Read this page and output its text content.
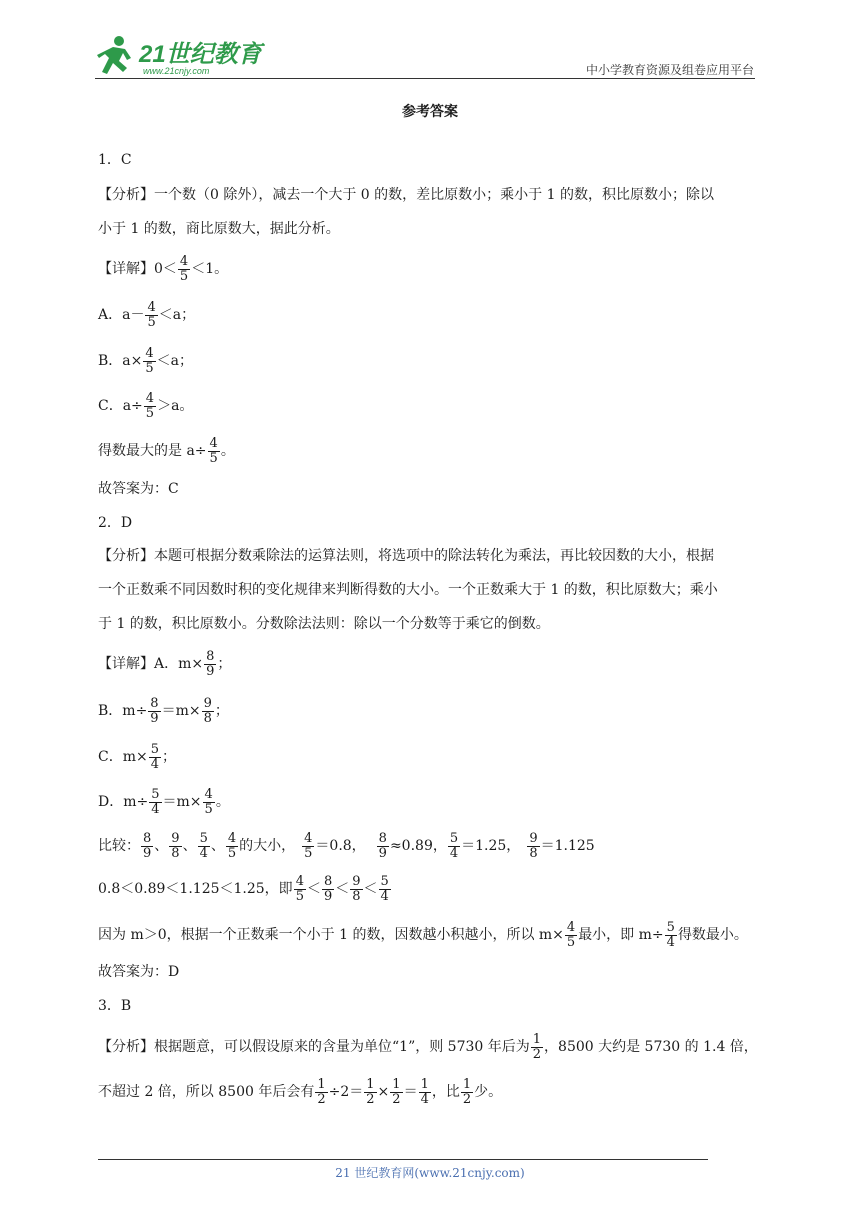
21世纪教育
www.21cnjy.com	中小学教育资源及组卷应用平台
参考答案
1．C
【分析】一个数（0 除外），减去一个大于 0 的数，差比原数小；乘小于 1 的数，积比原数小；除以
小于 1 的数，商比原数大，据此分析。
【详解】$0< \frac{4}{5} <1$。
A．$a- \frac{4}{5} <a$；
B．$a\times \frac{4}{5} <a$；
C．$a\div \frac{4}{5} >a$。
得数最大的是 $a\div \frac{4}{5}$ 。
故答案为：C
2．D
【分析】本题可根据分数乘除法的运算法则，将选项中的除法转化为乘法，再比较因数的大小，根据
一个正数乘不同因数时积的变化规律来判断得数的大小。一个正数乘大于 1 的数，积比原数大；乘小
于 1 的数，积比原数小。分数除法法则：除以一个分数等于乘它的倒数。
【详解】A．$m\times \frac{8}{9}$ ；
B．$m\div \frac{8}{9} =m\times \frac{9}{8}$ ；
C．$m\times \frac{5}{4}$ ；
D．$m\div \frac{5}{4} =m\times \frac{4}{5}$ 。
比较： $\frac{8}{9}$ 、 $\frac{9}{8}$ 、 $\frac{5}{4}$ 、 $\frac{4}{5}$ 的大小， $\frac{4}{5} =0.8$， $\frac{8}{9} \approx 0.89$， $\frac{5}{4} =1.25$， $\frac{9}{8} =1.125$
0.8＜0.89＜1.125＜1.25，即 $\frac{4}{5} < \frac{8}{9} < \frac{9}{8} < \frac{5}{4}$
因为 m＞0，根据一个正数乘一个小于 1 的数，因数越小积越小，所以 $m\times \frac{4}{5}$ 最小，即 $m\div \frac{5}{4}$ 得数最小。
故答案为：D
3．B
【分析】根据题意，可以假设原来的含量为单位“1”，则 5730 年后为 $\frac{1}{2}$ ，8500 大约是 5730 的 1.4 倍，
不超过 2 倍，所以 8500 年后会有 $\frac{1}{2} \div 2= \frac{1}{2} \times \frac{1}{2} = \frac{1}{4}$ ，比 $\frac{1}{2}$ 少。
21 世纪教育网(www.21cnjy.com)
